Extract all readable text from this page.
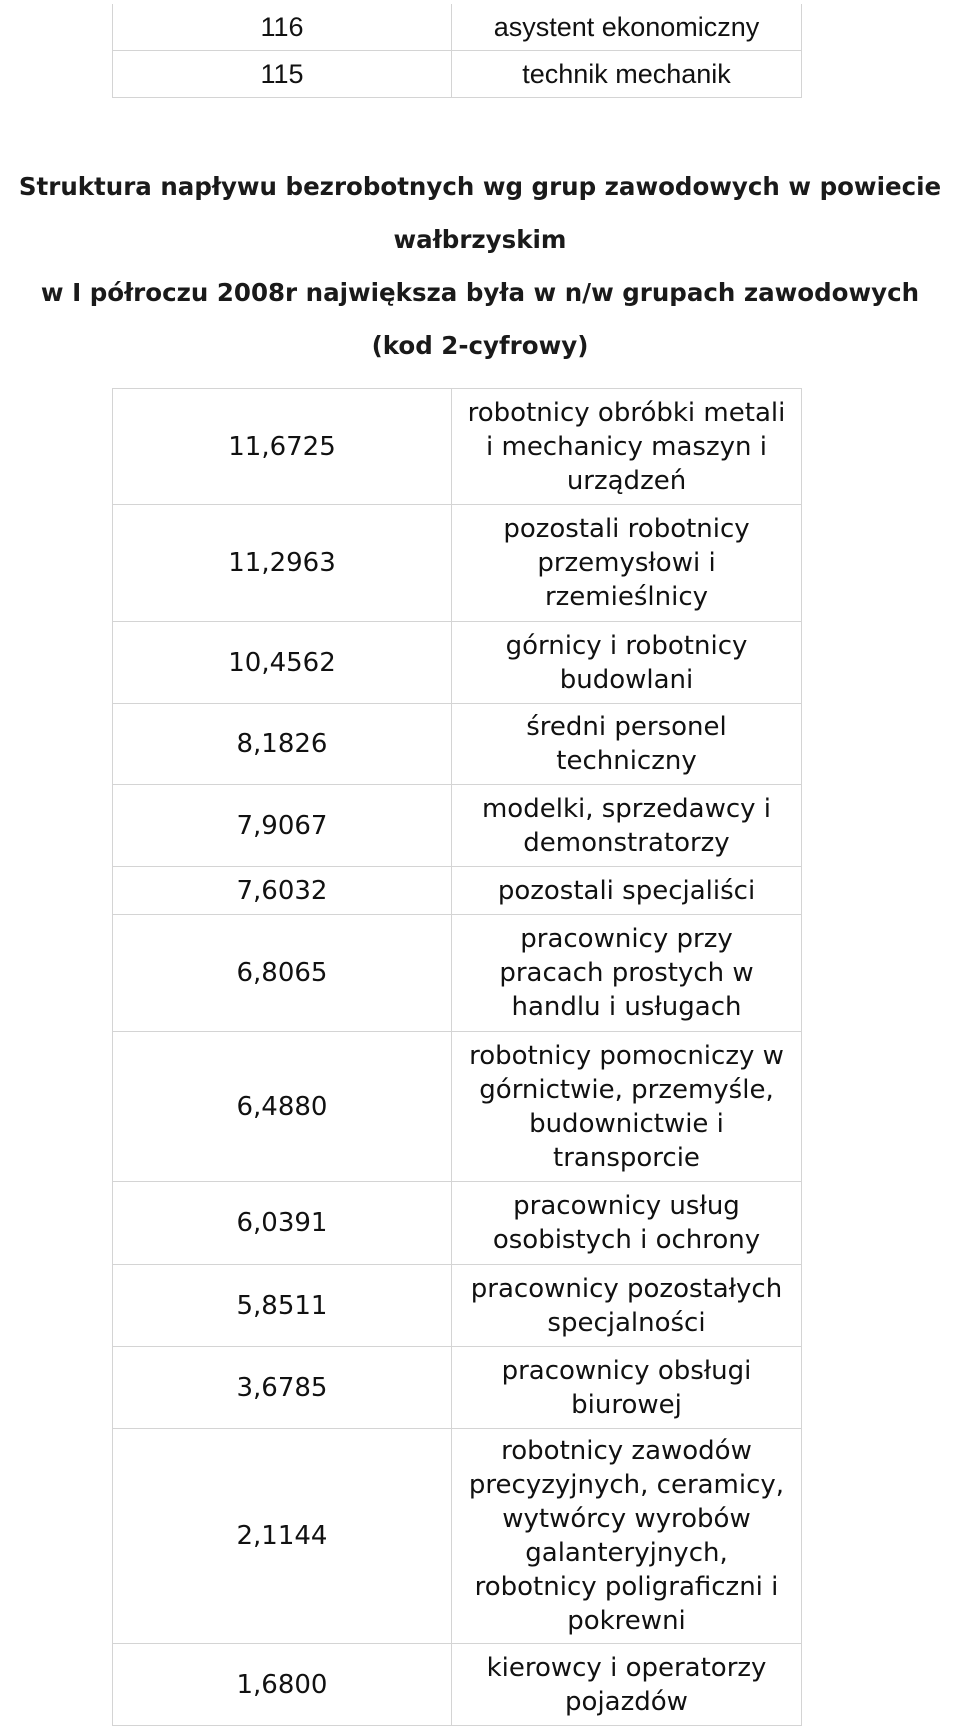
116	asystent ekonomiczny
115	technik mechanik
Struktura napływu bezrobotnych wg grup zawodowych w powiecie
wałbrzyskim
w I półroczu 2008r największa była w n/w grupach zawodowych
(kod 2-cyfrowy)
11,6725	robotnicy obróbki metali i mechanicy maszyn i urządzeń
11,2963	pozostali robotnicy przemysłowi i rzemieślnicy
10,4562	górnicy i robotnicy budowlani
8,1826	średni personel techniczny
7,9067	modelki, sprzedawcy i demonstratorzy
7,6032	pozostali specjaliści
6,8065	pracownicy przy pracach prostych w handlu i usługach
6,4880	robotnicy pomocniczy w górnictwie, przemyśle, budownictwie i transporcie
6,0391	pracownicy usług osobistych i ochrony
5,8511	pracownicy pozostałych specjalności
3,6785	pracownicy obsługi biurowej
2,1144	robotnicy zawodów precyzyjnych, ceramicy, wytwórcy wyrobów galanteryjnych, robotnicy poligraficzni i pokrewni
1,6800	kierowcy i operatorzy pojazdów
